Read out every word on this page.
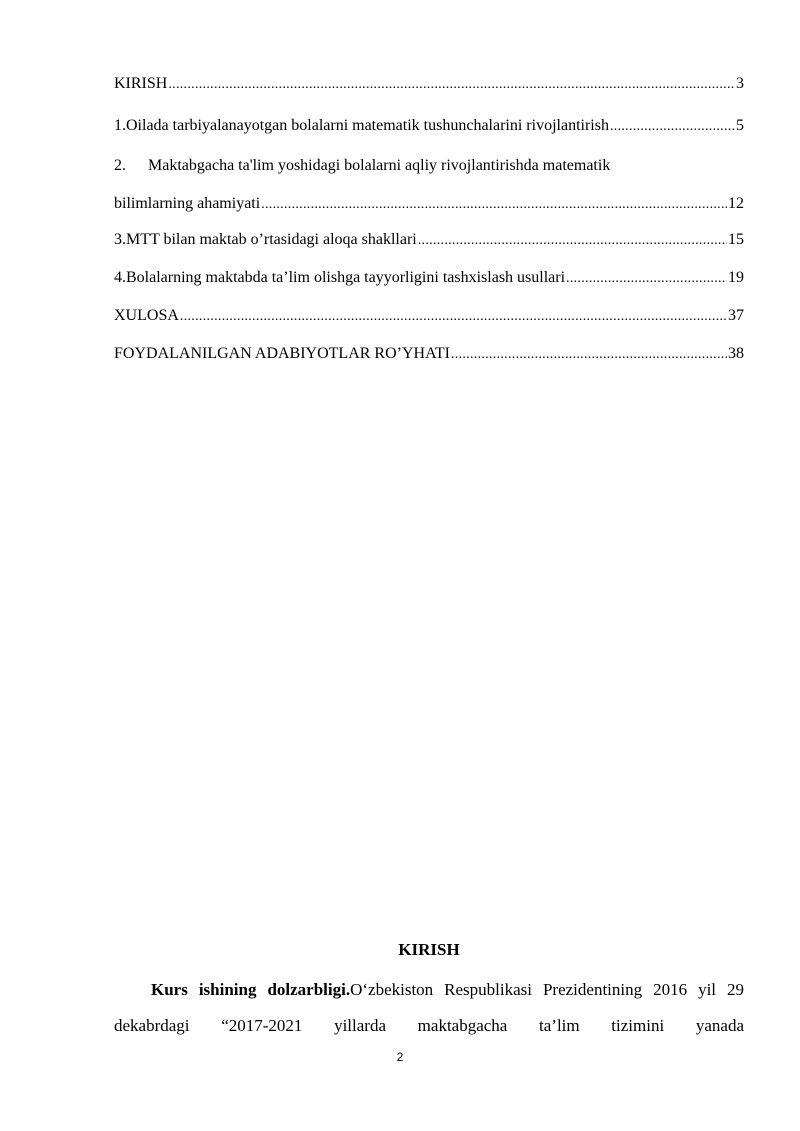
KIRISH .....	3
1. Oilada tarbiyalanayotgan bolalarni matematik tushunchalarini rivojlantirish .....	5
2. Maktabgacha ta'lim yoshidagi bolalarni aqliy rivojlantirishda matematik
bilimlarning ahamiyati .....	12
3. MTT bilan maktab o’rtasidagi aloqa shakllari .....	15
4. Bolalarning maktabda ta’lim olishga tayyorligini tashxislash usullari .....	19
XULOSA .....	37
FOYDALANILGAN ADABIYOTLAR RO’YHATI .....	38
KIRISH
Kurs ishining dolzarbligi.O‘zbekiston Respublikasi Prezidentining 2016 yil 29 dekabrdagi “2017-2021 yillarda maktabgacha ta’lim tizimini yanada
2
